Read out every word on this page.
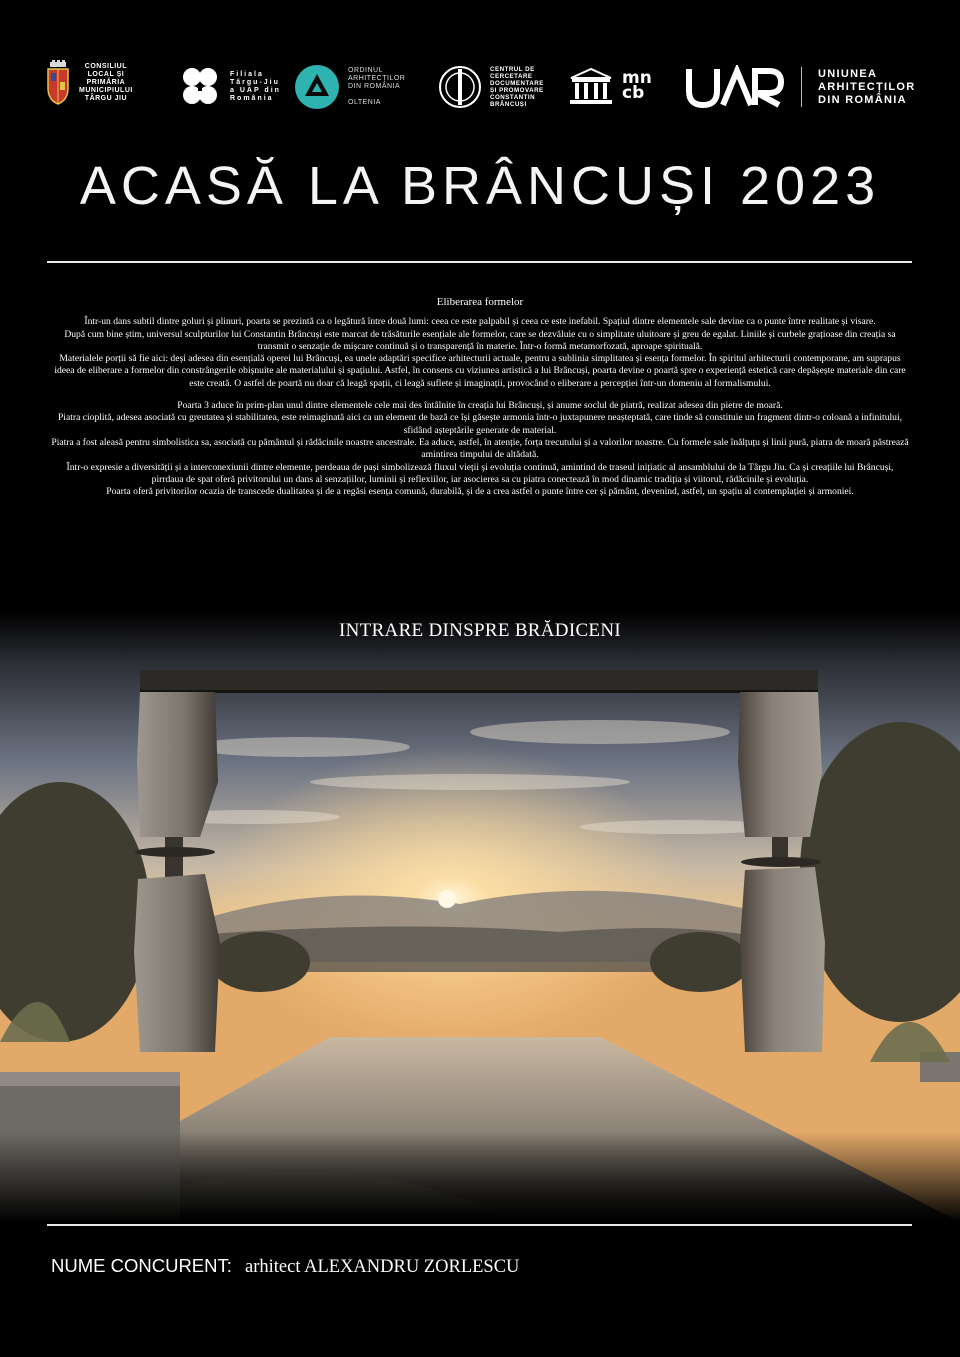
CONSILIUL
LOCAL ȘI
PRIMĂRIA
MUNICIPIULUI
TÂRGU JIU
Filiala
Târgu-Jiu
a UAP din
România
ORDINUL
ARHITECȚILOR
DIN ROMÂNIA
OLTENIA
CENTRUL DE
CERCETARE
DOCUMENTARE
ȘI PROMOVARE
CONSTANTIN
BRÂNCUȘI
mn
cb
UNIUNEA
ARHITECȚILOR
DIN ROMÂNIA
ACASĂ LA BRÂNCUȘI 2023

Eliberarea formelor

Într-un dans subtil dintre goluri și plinuri, poarta se prezintă ca o legătură între două lumi: ceea ce este palpabil și ceea ce este inefabil. Spațiul dintre elementele sale devine ca o punte între realitate și visare.

După cum bine știm, universul sculpturilor lui Constantin Brâncuși este marcat de trăsăturile esențiale ale formelor, care se dezvăluie cu o simplitate uluitoare și greu de egalat. Liniile și curbele grațioase din creația sa transmit o senzație de mișcare continuă și o transparență în materie. Într-o formă metamorfozată, aproape spirituală.

Materialele porții să fie aici: deși adesea din esențială operei lui Brâncuși, ea unele adaptări specifice arhitecturii actuale, pentru a sublinia simplitatea și esența formelor. În spiritul arhitecturii contemporane, am suprapus ideea de eliberare a formelor din constrângerile obișnuite ale materialului și spațiului. Astfel, în consens cu viziunea artistică a lui Brâncuși, poarta devine o poartă spre o experiență estetică care depășește materiale din care este creată. O astfel de poartă nu doar că leagă spații, ci leagă suflete și imaginații, provocând o eliberare a percepției într-un domeniu al formalismului.

Poarta 3 aduce în prim-plan unul dintre elementele cele mai des întâlnite în creația lui Brâncuși, și anume soclul de piatră, realizat adesea din pietre de moară.

Piatra cioplită, adesea asociată cu greutatea și stabilitatea, este reimaginată aici ca un element de bază ce își găsește armonia într-o juxtapunere neașteptată, care tinde să constituie un fragment dintr-o coloană a infinitului, sfidând așteptările generate de material.

Piatra a fost aleasă pentru simbolistica sa, asociată cu pământul și rădăcinile noastre ancestrale. Ea aduce, astfel, în atenție, forța trecutului și a valorilor noastre. Cu formele sale înălțuțu și linii pură, piatra de moară păstrează amintirea timpului de altădată.

Într-o expresie a diversității și a interconexiunii dintre elemente, perdeaua de pași simbolizează fluxul vieții și evoluția continuă, amintind de traseul inițiatic al ansamblului de la Târgu Jiu. Ca și creațiile lui Brâncuși, pirrdaua de spat oferă privitorului un dans al senzațiilor, luminii și reflexiilor, iar asocierea sa cu piatra conectează în mod dinamic tradiția și viitorul, rădăcinile și evoluția.

Poarta oferă privitorilor ocazia de transcede dualitatea și de a regăsi esența comună, durabilă, și de a crea astfel o punte între cer și pământ, devenind, astfel, un spațiu al contemplației și armoniei.

INTRARE DINSPRE BRĂDICENI
NUME CONCURENT: arhitect ALEXANDRU ZORLESCU
